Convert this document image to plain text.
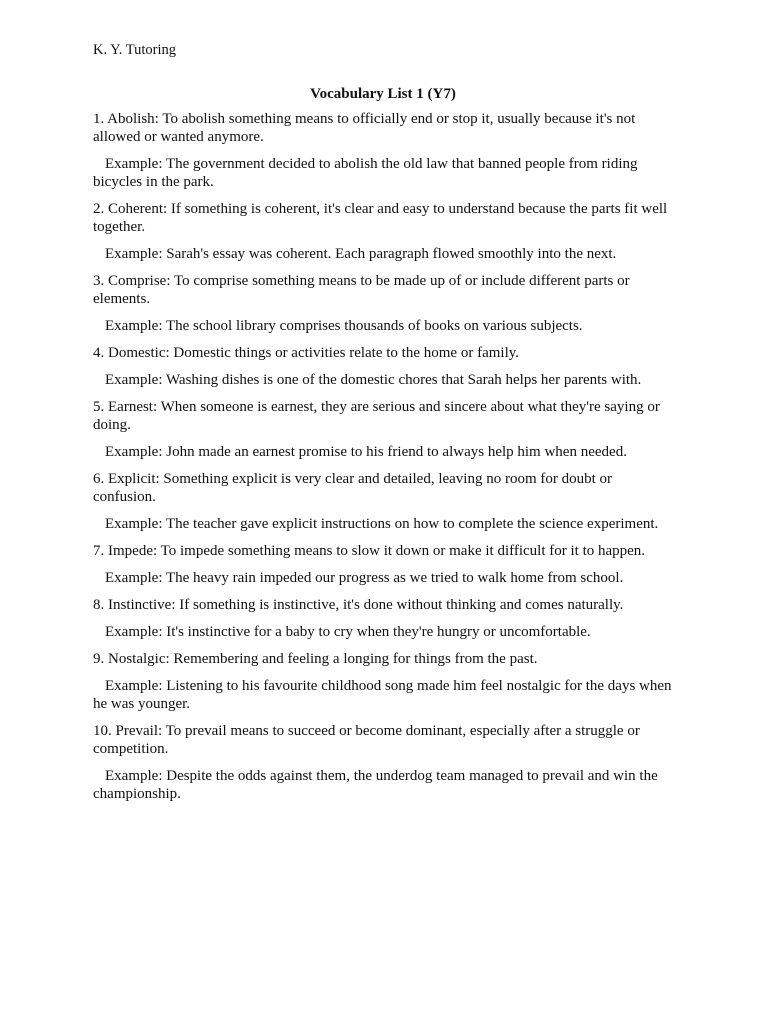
K. Y. Tutoring

Vocabulary List 1 (Y7)

1. Abolish: To abolish something means to officially end or stop it, usually because it's not allowed or wanted anymore.

Example: The government decided to abolish the old law that banned people from riding bicycles in the park.

2. Coherent: If something is coherent, it's clear and easy to understand because the parts fit well together.

Example: Sarah's essay was coherent. Each paragraph flowed smoothly into the next.

3. Comprise: To comprise something means to be made up of or include different parts or elements.

Example: The school library comprises thousands of books on various subjects.

4. Domestic: Domestic things or activities relate to the home or family.

Example: Washing dishes is one of the domestic chores that Sarah helps her parents with.

5. Earnest: When someone is earnest, they are serious and sincere about what they're saying or doing.

Example: John made an earnest promise to his friend to always help him when needed.

6. Explicit: Something explicit is very clear and detailed, leaving no room for doubt or confusion.

Example: The teacher gave explicit instructions on how to complete the science experiment.

7. Impede: To impede something means to slow it down or make it difficult for it to happen.

Example: The heavy rain impeded our progress as we tried to walk home from school.

8. Instinctive: If something is instinctive, it's done without thinking and comes naturally.

Example: It's instinctive for a baby to cry when they're hungry or uncomfortable.

9. Nostalgic: Remembering and feeling a longing for things from the past.

Example: Listening to his favourite childhood song made him feel nostalgic for the days when he was younger.

10. Prevail: To prevail means to succeed or become dominant, especially after a struggle or competition.

Example: Despite the odds against them, the underdog team managed to prevail and win the championship.
